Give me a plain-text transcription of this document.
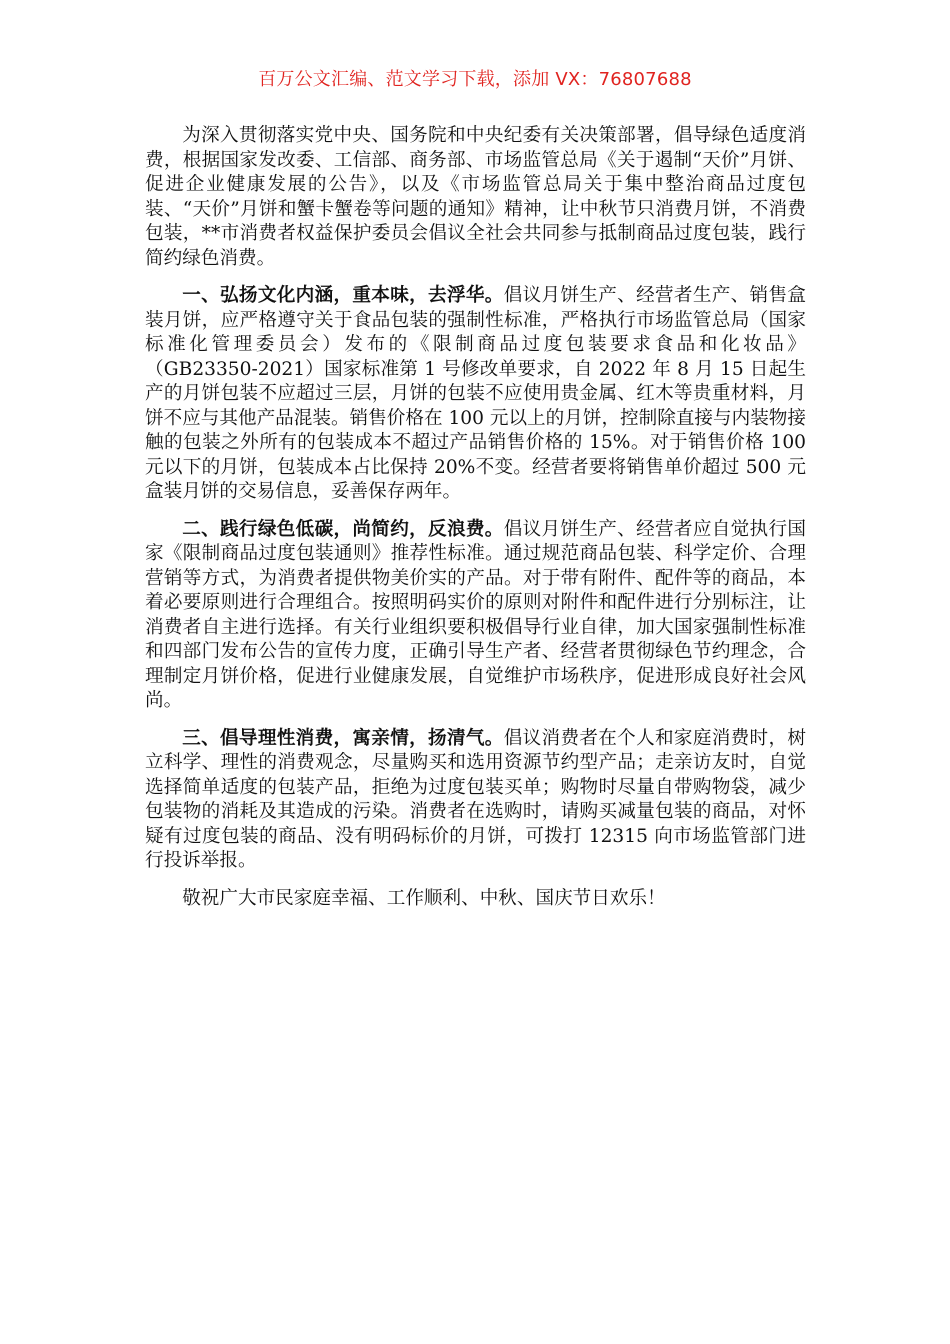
百万公文汇编、范文学习下载，添加 VX：76807688

为深入贯彻落实党中央、国务院和中央纪委有关决策部署，倡导绿色适度消费，根据国家发改委、工信部、商务部、市场监管总局《关于遏制“天价”月饼、促进企业健康发展的公告》，以及《市场监管总局关于集中整治商品过度包装、“天价”月饼和蟹卡蟹卷等问题的通知》精神，让中秋节只消费月饼，不消费包装，**市消费者权益保护委员会倡议全社会共同参与抵制商品过度包装，践行简约绿色消费。

一、弘扬文化内涵，重本味，去浮华。倡议月饼生产、经营者生产、销售盒装月饼，应严格遵守关于食品包装的强制性标准，严格执行市场监管总局（国家标准化管理委员会）发布的《限制商品过度包装要求食品和化妆品》（GB23350-2021）国家标准第 1 号修改单要求，自 2022 年 8 月 15 日起生产的月饼包装不应超过三层，月饼的包装不应使用贵金属、红木等贵重材料，月饼不应与其他产品混装。销售价格在 100 元以上的月饼，控制除直接与内装物接触的包装之外所有的包装成本不超过产品销售价格的 15%。对于销售价格 100 元以下的月饼，包装成本占比保持 20%不变。经营者要将销售单价超过 500 元盒装月饼的交易信息，妥善保存两年。

二、践行绿色低碳，尚简约，反浪费。倡议月饼生产、经营者应自觉执行国家《限制商品过度包装通则》推荐性标准。通过规范商品包装、科学定价、合理营销等方式，为消费者提供物美价实的产品。对于带有附件、配件等的商品，本着必要原则进行合理组合。按照明码实价的原则对附件和配件进行分别标注，让消费者自主进行选择。有关行业组织要积极倡导行业自律，加大国家强制性标准和四部门发布公告的宣传力度，正确引导生产者、经营者贯彻绿色节约理念，合理制定月饼价格，促进行业健康发展，自觉维护市场秩序，促进形成良好社会风尚。

三、倡导理性消费，寓亲情，扬清气。倡议消费者在个人和家庭消费时，树立科学、理性的消费观念，尽量购买和选用资源节约型产品；走亲访友时，自觉选择简单适度的包装产品，拒绝为过度包装买单；购物时尽量自带购物袋，减少包装物的消耗及其造成的污染。消费者在选购时，请购买减量包装的商品，对怀疑有过度包装的商品、没有明码标价的月饼，可拨打 12315 向市场监管部门进行投诉举报。

敬祝广大市民家庭幸福、工作顺利、中秋、国庆节日欢乐！
